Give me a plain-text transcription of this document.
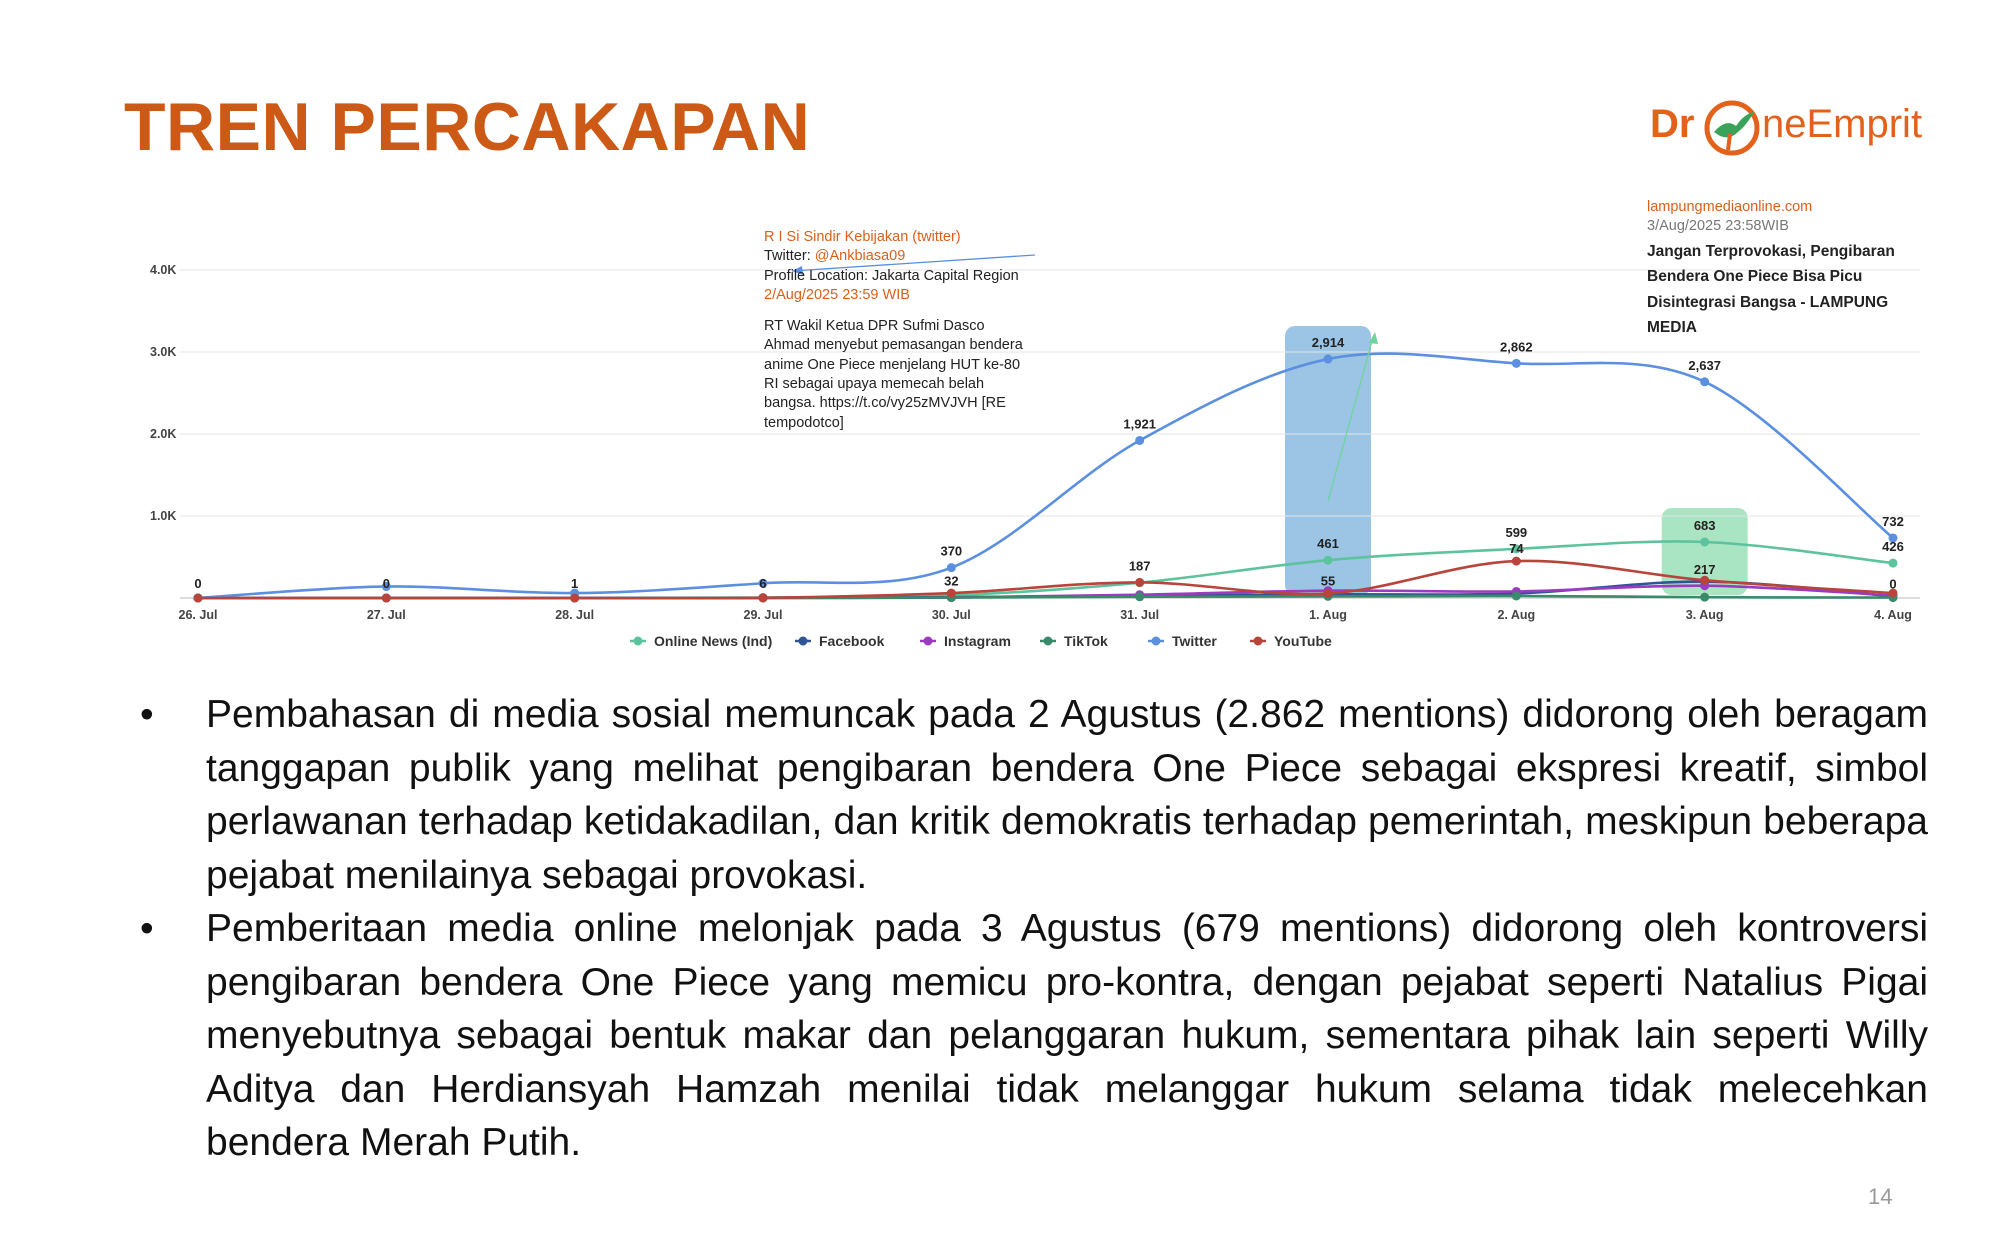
TREN PERCAKAPAN	Dr neEmprit
1.0K
2.0K
3.0K
4.0K
26. Jul	27. Jul	28. Jul	29. Jul	30. Jul	31. Jul	1. Aug	2. Aug	3. Aug	4. Aug
0	0	1	6
370
32
1,921
187
2,914
461
55
2,862
599
74
2,637
683
217
732
426
0
Online News (Ind)	Facebook	Instagram	TikTok	Twitter	YouTube
R I Si Sindir Kebijakan (twitter)
Twitter: @Ankbiasa09
Profile Location: Jakarta Capital Region
2/Aug/2025 23:59 WIB
RT Wakil Ketua DPR Sufmi Dasco Ahmad menyebut pemasangan bendera anime One Piece menjelang HUT ke-80 RI sebagai upaya memecah belah bangsa. https://t.co/vy25zMVJVH [RE tempodotco]
lampungmediaonline.com
3/Aug/2025 23:58WIB
Jangan Terprovokasi, Pengibaran Bendera One Piece Bisa Picu Disintegrasi Bangsa - LAMPUNG MEDIA
• Pembahasan di media sosial memuncak pada 2 Agustus (2.862 mentions) didorong oleh beragam tanggapan publik yang melihat pengibaran bendera One Piece sebagai ekspresi kreatif, simbol perlawanan terhadap ketidakadilan, dan kritik demokratis terhadap pemerintah, meskipun beberapa pejabat menilainya sebagai provokasi.
• Pemberitaan media online melonjak pada 3 Agustus (679 mentions) didorong oleh kontroversi pengibaran bendera One Piece yang memicu pro-kontra, dengan pejabat seperti Natalius Pigai menyebutnya sebagai bentuk makar dan pelanggaran hukum, sementara pihak lain seperti Willy Aditya dan Herdiansyah Hamzah menilai tidak melanggar hukum selama tidak melecehkan bendera Merah Putih.
14
